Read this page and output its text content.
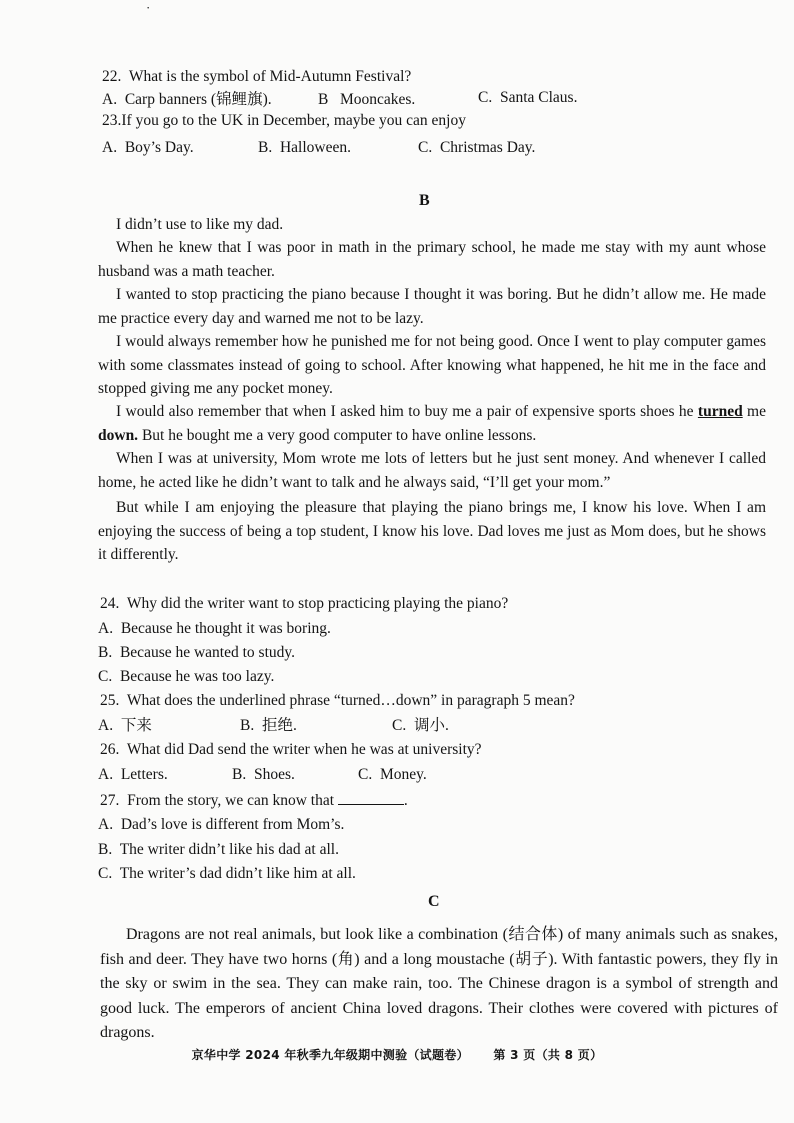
·
22. What is the symbol of Mid-Autumn Festival?
A. Carp banners (锦鲤旗).	B Mooncakes.	C. Santa Claus.
23.If you go to the UK in December, maybe you can enjoy
A. Boy’s Day.	B. Halloween.	C. Christmas Day.
B
I didn’t use to like my dad.
When he knew that I was poor in math in the primary school, he made me stay with my aunt whose husband was a math teacher.
I wanted to stop practicing the piano because I thought it was boring. But he didn’t allow me. He made me practice every day and warned me not to be lazy.
I would always remember how he punished me for not being good. Once I went to play computer games with some classmates instead of going to school. After knowing what happened, he hit me in the face and stopped giving me any pocket money.
I would also remember that when I asked him to buy me a pair of expensive sports shoes he turned me down. But he bought me a very good computer to have online lessons.
When I was at university, Mom wrote me lots of letters but he just sent money. And whenever I called home, he acted like he didn’t want to talk and he always said, “I’ll get your mom.”
But while I am enjoying the pleasure that playing the piano brings me, I know his love. When I am enjoying the success of being a top student, I know his love. Dad loves me just as Mom does, but he shows it differently.
24. Why did the writer want to stop practicing playing the piano?
A. Because he thought it was boring.
B. Because he wanted to study.
C. Because he was too lazy.
25. What does the underlined phrase “turned…down” in paragraph 5 mean?
A. 下来	B. 拒绝.	C. 调小.
26. What did Dad send the writer when he was at university?
A. Letters.	B. Shoes.	C. Money.
27. From the story, we can know that	.
A. Dad’s love is different from Mom’s.
B. The writer didn’t like his dad at all.
C. The writer’s dad didn’t like him at all.
C
Dragons are not real animals, but look like a combination (结合体) of many animals such as snakes, fish and deer. They have two horns (角) and a long moustache (胡子). With fantastic powers, they fly in the sky or swim in the sea. They can make rain, too. The Chinese dragon is a symbol of strength and good luck. The emperors of ancient China loved dragons. Their clothes were covered with pictures of dragons.
京华中学 2024 年秋季九年级期中测验（试题卷） 第 3 页（共 8 页）
